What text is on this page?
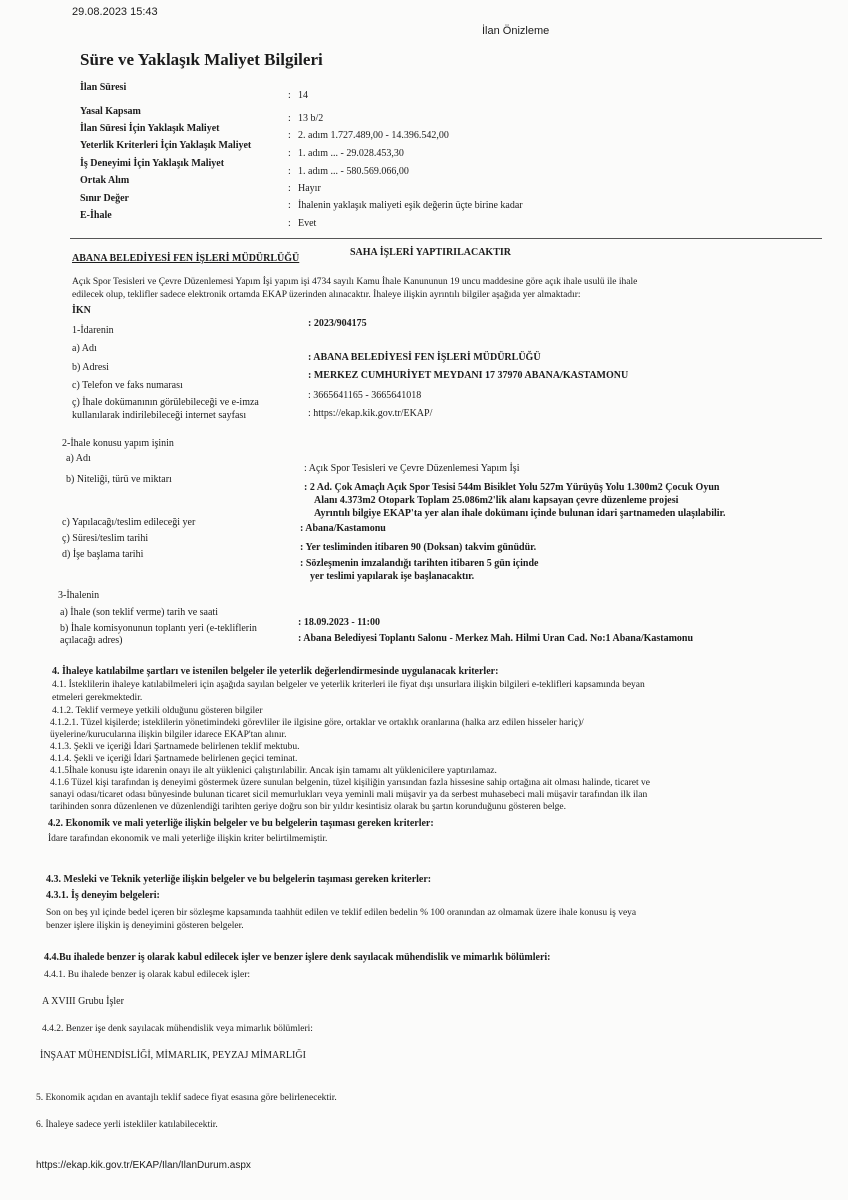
29.08.2023 15:43
İlan Önizleme
Süre ve Yaklaşık Maliyet Bilgileri
İlan Süresi
: 14
Yasal Kapsam
: 13 b/2
İlan Süresi İçin Yaklaşık Maliyet
: 2. adım 1.727.489,00 - 14.396.542,00
Yeterlik Kriterleri İçin Yaklaşık Maliyet
: 1. adım ... - 29.028.453,30
İş Deneyimi İçin Yaklaşık Maliyet
: 1. adım ... - 580.569.066,00
Ortak Alım
: Hayır
Sınır Değer
: İhalenin yaklaşık maliyeti eşik değerin üçte birine kadar
E-İhale
: Evet
ABANA BELEDİYESİ FEN İŞLERİ MÜDÜRLÜĞÜ
SAHA İŞLERİ YAPTIRILACAKTIR
Açık Spor Tesisleri ve Çevre Düzenlemesi Yapım İşi yapım işi 4734 sayılı Kamu İhale Kanununun 19 uncu maddesine göre açık ihale usulü ile ihale
edilecek olup, teklifler sadece elektronik ortamda EKAP üzerinden alınacaktır. İhaleye ilişkin ayrıntılı bilgiler aşağıda yer almaktadır:
İKN
: 2023/904175
1-İdarenin
a) Adı
: ABANA BELEDİYESİ FEN İŞLERİ MÜDÜRLÜĞÜ
b) Adresi
: MERKEZ CUMHURİYET MEYDANI 17 37970 ABANA/KASTAMONU
c) Telefon ve faks numarası
: 3665641165 - 3665641018
ç) İhale dokümanının görülebileceği ve e-imza
kullanılarak indirilebileceği internet sayfası	: https://ekap.kik.gov.tr/EKAP/
2-İhale konusu yapım işinin
a) Adı
: Açık Spor Tesisleri ve Çevre Düzenlemesi Yapım İşi
b) Niteliği, türü ve miktarı
: 2 Ad. Çok Amaçlı Açık Spor Tesisi 544m Bisiklet Yolu 527m Yürüyüş Yolu 1.300m2 Çocuk Oyun
Alanı 4.373m2 Otopark Toplam 25.086m2'lik alanı kapsayan çevre düzenleme projesi
Ayrıntılı bilgiye EKAP'ta yer alan ihale dokümanı içinde bulunan idari şartnameden ulaşılabilir.
c) Yapılacağı/teslim edileceği yer
: Abana/Kastamonu
ç) Süresi/teslim tarihi
: Yer tesliminden itibaren 90 (Doksan) takvim günüdür.
d) İşe başlama tarihi
: Sözleşmenin imzalandığı tarihten itibaren 5 gün içinde
yer teslimi yapılarak işe başlanacaktır.
3-İhalenin
a) İhale (son teklif verme) tarih ve saati
: 18.09.2023 - 11:00
b) İhale komisyonunun toplantı yeri (e-tekliflerin
açılacağı adres)	: Abana Belediyesi Toplantı Salonu - Merkez Mah. Hilmi Uran Cad. No:1 Abana/Kastamonu
4. İhaleye katılabilme şartları ve istenilen belgeler ile yeterlik değerlendirmesinde uygulanacak kriterler:
4.1. İsteklilerin ihaleye katılabilmeleri için aşağıda sayılan belgeler ve yeterlik kriterleri ile fiyat dışı unsurlara ilişkin bilgileri e-teklifleri kapsamında beyan
etmeleri gerekmektedir.
4.1.2. Teklif vermeye yetkili olduğunu gösteren bilgiler
4.1.2.1. Tüzel kişilerde; isteklilerin yönetimindeki görevliler ile ilgisine göre, ortaklar ve ortaklık oranlarına (halka arz edilen hisseler hariç)/
üyelerine/kurucularına ilişkin bilgiler idarece EKAP'tan alınır.
4.1.3. Şekli ve içeriği İdari Şartnamede belirlenen teklif mektubu.
4.1.4. Şekli ve içeriği İdari Şartnamede belirlenen geçici teminat.
4.1.5İhale konusu işte idarenin onayı ile alt yüklenici çalıştırılabilir. Ancak işin tamamı alt yüklenicilere yaptırılamaz.
4.1.6 Tüzel kişi tarafından iş deneyimi göstermek üzere sunulan belgenin, tüzel kişiliğin yarısından fazla hissesine sahip ortağına ait olması halinde, ticaret ve
sanayi odası/ticaret odası bünyesinde bulunan ticaret sicil memurlukları veya yeminli mali müşavir ya da serbest muhasebeci mali müşavir tarafından ilk ilan
tarihinden sonra düzenlenen ve düzenlendiği tarihten geriye doğru son bir yıldır kesintisiz olarak bu şartın korunduğunu gösteren belge.
4.2. Ekonomik ve mali yeterliğe ilişkin belgeler ve bu belgelerin taşıması gereken kriterler:
İdare tarafından ekonomik ve mali yeterliğe ilişkin kriter belirtilmemiştir.
4.3. Mesleki ve Teknik yeterliğe ilişkin belgeler ve bu belgelerin taşıması gereken kriterler:
4.3.1. İş deneyim belgeleri:
Son on beş yıl içinde bedel içeren bir sözleşme kapsamında taahhüt edilen ve teklif edilen bedelin % 100 oranından az olmamak üzere ihale konusu iş veya
benzer işlere ilişkin iş deneyimini gösteren belgeler.
4.4.Bu ihalede benzer iş olarak kabul edilecek işler ve benzer işlere denk sayılacak mühendislik ve mimarlık bölümleri:
4.4.1. Bu ihalede benzer iş olarak kabul edilecek işler:
A XVIII Grubu İşler
4.4.2. Benzer işe denk sayılacak mühendislik veya mimarlık bölümleri:
İNŞAAT MÜHENDİSLİĞİ, MİMARLIK, PEYZAJ MİMARLIĞI
5. Ekonomik açıdan en avantajlı teklif sadece fiyat esasına göre belirlenecektir.
6. İhaleye sadece yerli istekliler katılabilecektir.
https://ekap.kik.gov.tr/EKAP/Ilan/IlanDurum.aspx
